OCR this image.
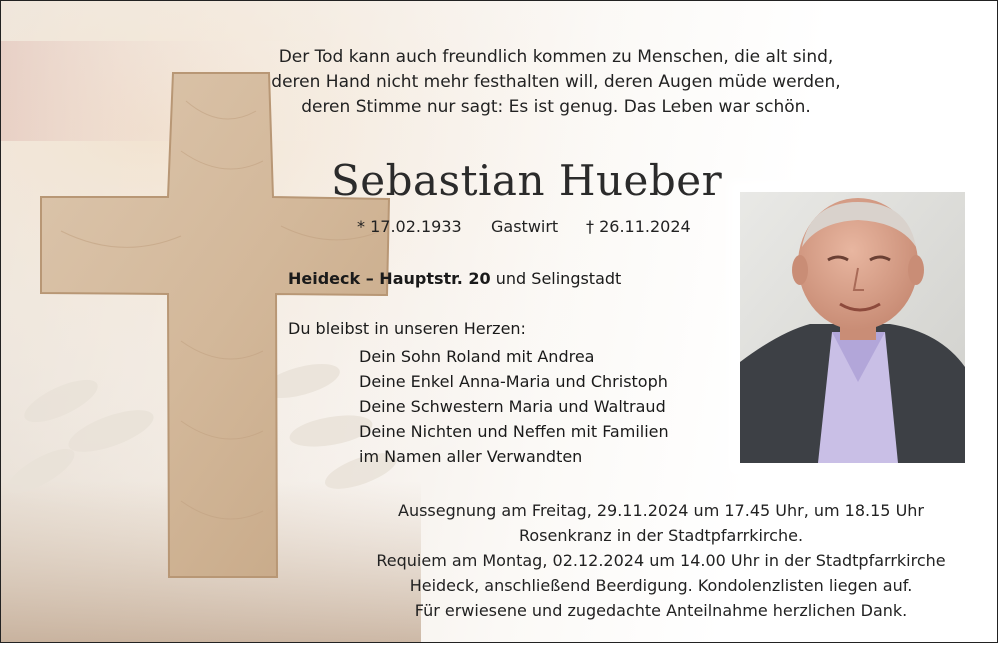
Der Tod kann auch freundlich kommen zu Menschen, die alt sind,
deren Hand nicht mehr festhalten will, deren Augen müde werden,
deren Stimme nur sagt: Es ist genug. Das Leben war schön.
Sebastian Hueber
* 17.02.1933 Gastwirt † 26.11.2024
Heideck – Hauptstr. 20 und Selingstadt
Du bleibst in unseren Herzen:
Dein Sohn Roland mit Andrea
Deine Enkel Anna-Maria und Christoph
Deine Schwestern Maria und Waltraud
Deine Nichten und Neffen mit Familien
im Namen aller Verwandten
Aussegnung am Freitag, 29.11.2024 um 17.45 Uhr, um 18.15 Uhr
Rosenkranz in der Stadtpfarrkirche.
Requiem am Montag, 02.12.2024 um 14.00 Uhr in der Stadtpfarrkirche
Heideck, anschließend Beerdigung. Kondolenzlisten liegen auf.
Für erwiesene und zugedachte Anteilnahme herzlichen Dank.
